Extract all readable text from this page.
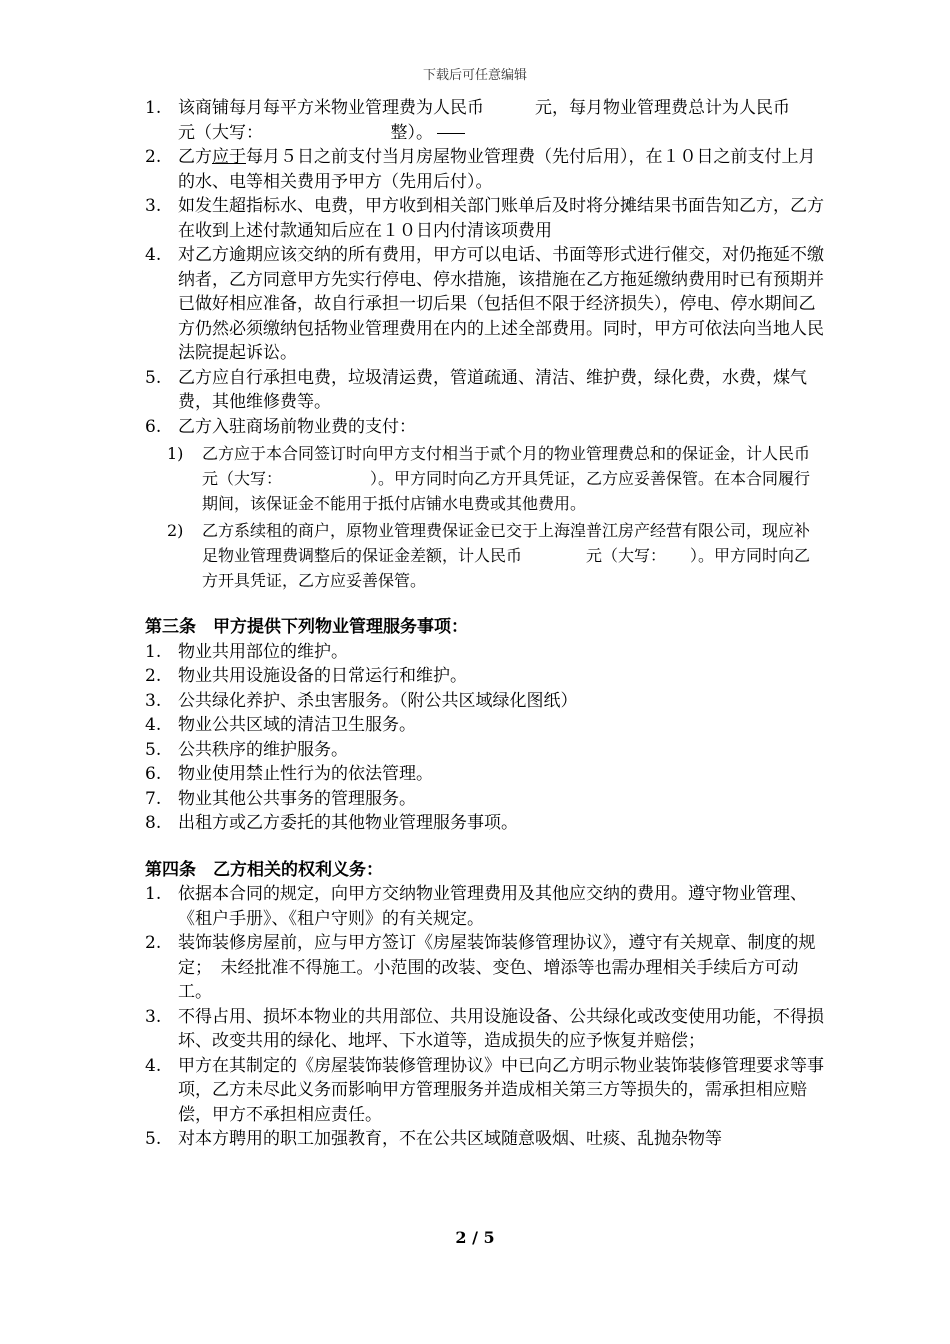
下载后可任意编辑
1. 该商铺每月每平方米物业管理费为人民币　　　元，每月物业管理费总计为人民币　　　元（大写：　　　　　　　　整）。
2. 乙方应于每月５日之前支付当月房屋物业管理费（先付后用），在１０日之前支付上月的水、电等相关费用予甲方（先用后付）。
3. 如发生超指标水、电费，甲方收到相关部门账单后及时将分摊结果书面告知乙方，乙方在收到上述付款通知后应在１０日内付清该项费用
4. 对乙方逾期应该交纳的所有费用，甲方可以电话、书面等形式进行催交，对仍拖延不缴纳者，乙方同意甲方先实行停电、停水措施，该措施在乙方拖延缴纳费用时已有预期并已做好相应准备，故自行承担一切后果（包括但不限于经济损失），停电、停水期间乙方仍然必须缴纳包括物业管理费用在内的上述全部费用。同时，甲方可依法向当地人民法院提起诉讼。
5. 乙方应自行承担电费，垃圾清运费，管道疏通、清洁、维护费，绿化费，水费，煤气费，其他维修费等。
6. 乙方入驻商场前物业费的支付：
1) 乙方应于本合同签订时向甲方支付相当于贰个月的物业管理费总和的保证金，计人民币　　　　元（大写：　　　　　　）。甲方同时向乙方开具凭证，乙方应妥善保管。在本合同履行期间，该保证金不能用于抵付店铺水电费或其他费用。
2) 乙方系续租的商户，原物业管理费保证金已交于上海湟普江房产经营有限公司，现应补足物业管理费调整后的保证金差额，计人民币　　　　元（大写：　　）。甲方同时向乙方开具凭证，乙方应妥善保管。
第三条　甲方提供下列物业管理服务事项：
1. 物业共用部位的维护。
2. 物业共用设施设备的日常运行和维护。
3. 公共绿化养护、杀虫害服务。（附公共区域绿化图纸）
4. 物业公共区域的清洁卫生服务。
5. 公共秩序的维护服务。
6. 物业使用禁止性行为的依法管理。
7. 物业其他公共事务的管理服务。
8. 出租方或乙方委托的其他物业管理服务事项。
第四条　乙方相关的权利义务：
1. 依据本合同的规定，向甲方交纳物业管理费用及其他应交纳的费用。遵守物业管理、《租户手册》、《租户守则》的有关规定。
2. 装饰装修房屋前，应与甲方签订《房屋装饰装修管理协议》，遵守有关规章、制度的规定；　未经批准不得施工。小范围的改装、变色、增添等也需办理相关手续后方可动工。
3. 不得占用、损坏本物业的共用部位、共用设施设备、公共绿化或改变使用功能，不得损坏、改变共用的绿化、地坪、下水道等，造成损失的应予恢复并赔偿；
4. 甲方在其制定的《房屋装饰装修管理协议》中已向乙方明示物业装饰装修管理要求等事项，乙方未尽此义务而影响甲方管理服务并造成相关第三方等损失的，需承担相应赔偿，甲方不承担相应责任。
5. 对本方聘用的职工加强教育，不在公共区域随意吸烟、吐痰、乱抛杂物等
2 / 5
